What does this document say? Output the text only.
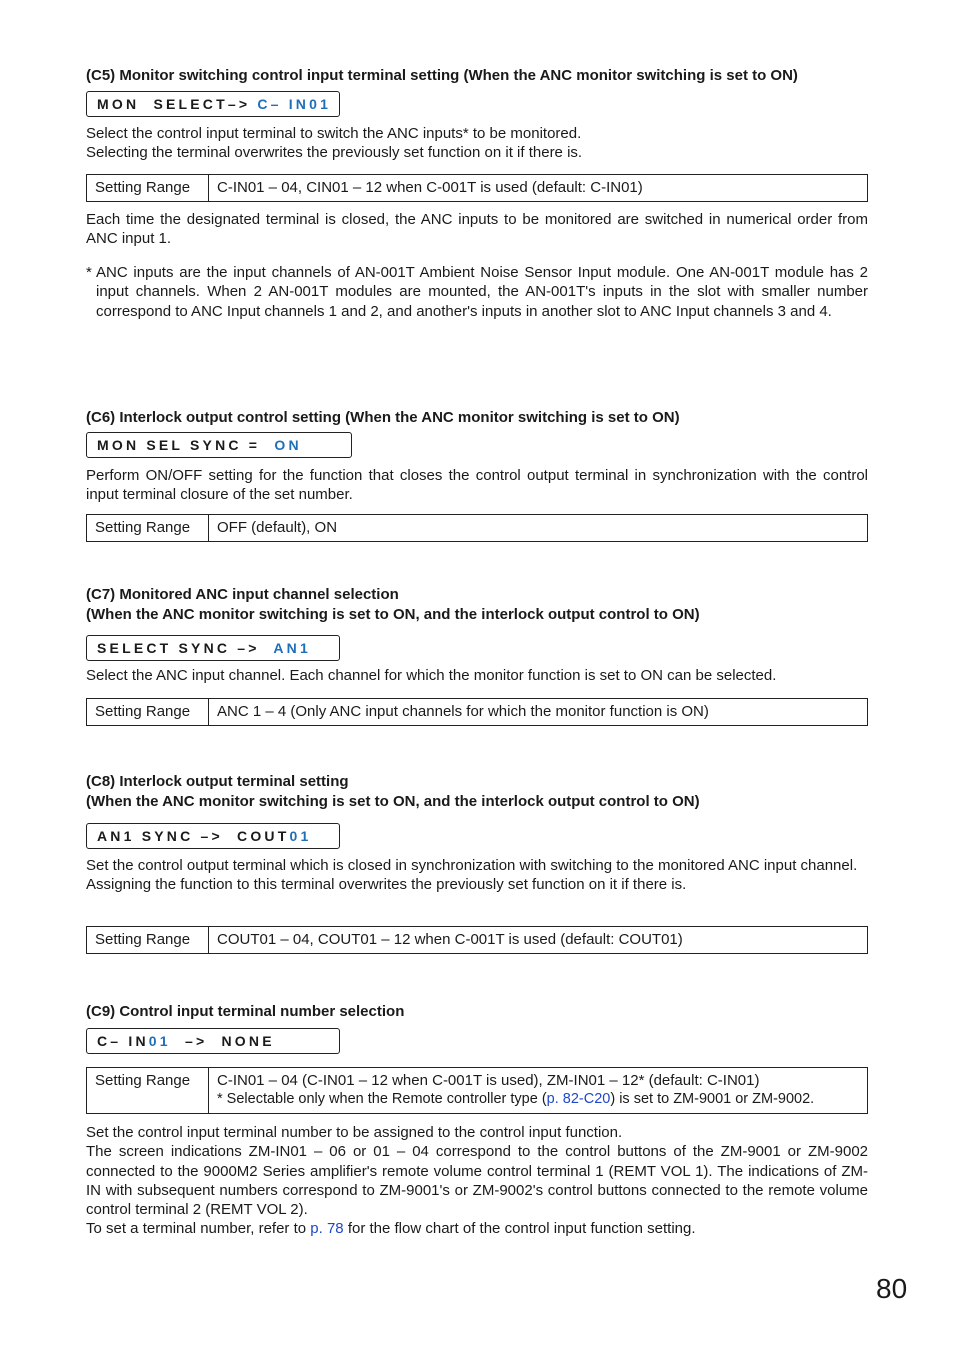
(C5) Monitor switching control input terminal setting (When the ANC monitor switching is set to ON)
MON  SELECT–> C– IN01
Select the control input terminal to switch the ANC inputs* to be monitored.
Selecting the terminal overwrites the previously set function on it if there is.
Setting Range	C-IN01 – 04, CIN01 – 12 when C-001T is used (default: C-IN01)
Each time the designated terminal is closed, the ANC inputs to be monitored are switched in numerical order from ANC input 1.
* ANC inputs are the input channels of AN-001T Ambient Noise Sensor Input module. One AN-001T module has 2 input channels. When 2 AN-001T modules are mounted, the AN-001T's inputs in the slot with smaller number correspond to ANC Input channels 1 and 2, and another's inputs in another slot to ANC Input channels 3 and 4.
(C6) Interlock output control setting (When the ANC monitor switching is set to ON)
MON SEL SYNC =  ON
Perform ON/OFF setting for the function that closes the control output terminal in synchronization with the control input terminal closure of the set number.
Setting Range	OFF (default), ON
(C7) Monitored ANC input channel selection
(When the ANC monitor switching is set to ON, and the interlock output control to ON)
SELECT SYNC –>  AN1
Select the ANC input channel. Each channel for which the monitor function is set to ON can be selected.
Setting Range	ANC 1 – 4 (Only ANC input channels for which the monitor function is ON)
(C8) Interlock output terminal setting
(When the ANC monitor switching is set to ON, and the interlock output control to ON)
AN1 SYNC –>  COUT01
Set the control output terminal which is closed in synchronization with switching to the monitored ANC input channel.
Assigning the function to this terminal overwrites the previously set function on it if there is.
Setting Range	COUT01 – 04, COUT01 – 12 when C-001T is used (default: COUT01)
(C9) Control input terminal number selection
C– IN01  –>  NONE
Setting Range	C-IN01 – 04 (C-IN01 – 12 when C-001T is used), ZM-IN01 – 12* (default: C-IN01)
* Selectable only when the Remote controller type (p. 82-C20) is set to ZM-9001 or ZM-9002.
Set the control input terminal number to be assigned to the control input function.
The screen indications ZM-IN01 – 06 or 01 – 04 correspond to the control buttons of the ZM-9001 or ZM-9002 connected to the 9000M2 Series amplifier's remote volume control terminal 1 (REMT VOL 1). The indications of ZM-IN with subsequent numbers correspond to ZM-9001's or ZM-9002's control buttons connected to the remote volume control terminal 2 (REMT VOL 2).
To set a terminal number, refer to p. 78 for the flow chart of the control input function setting.
80
